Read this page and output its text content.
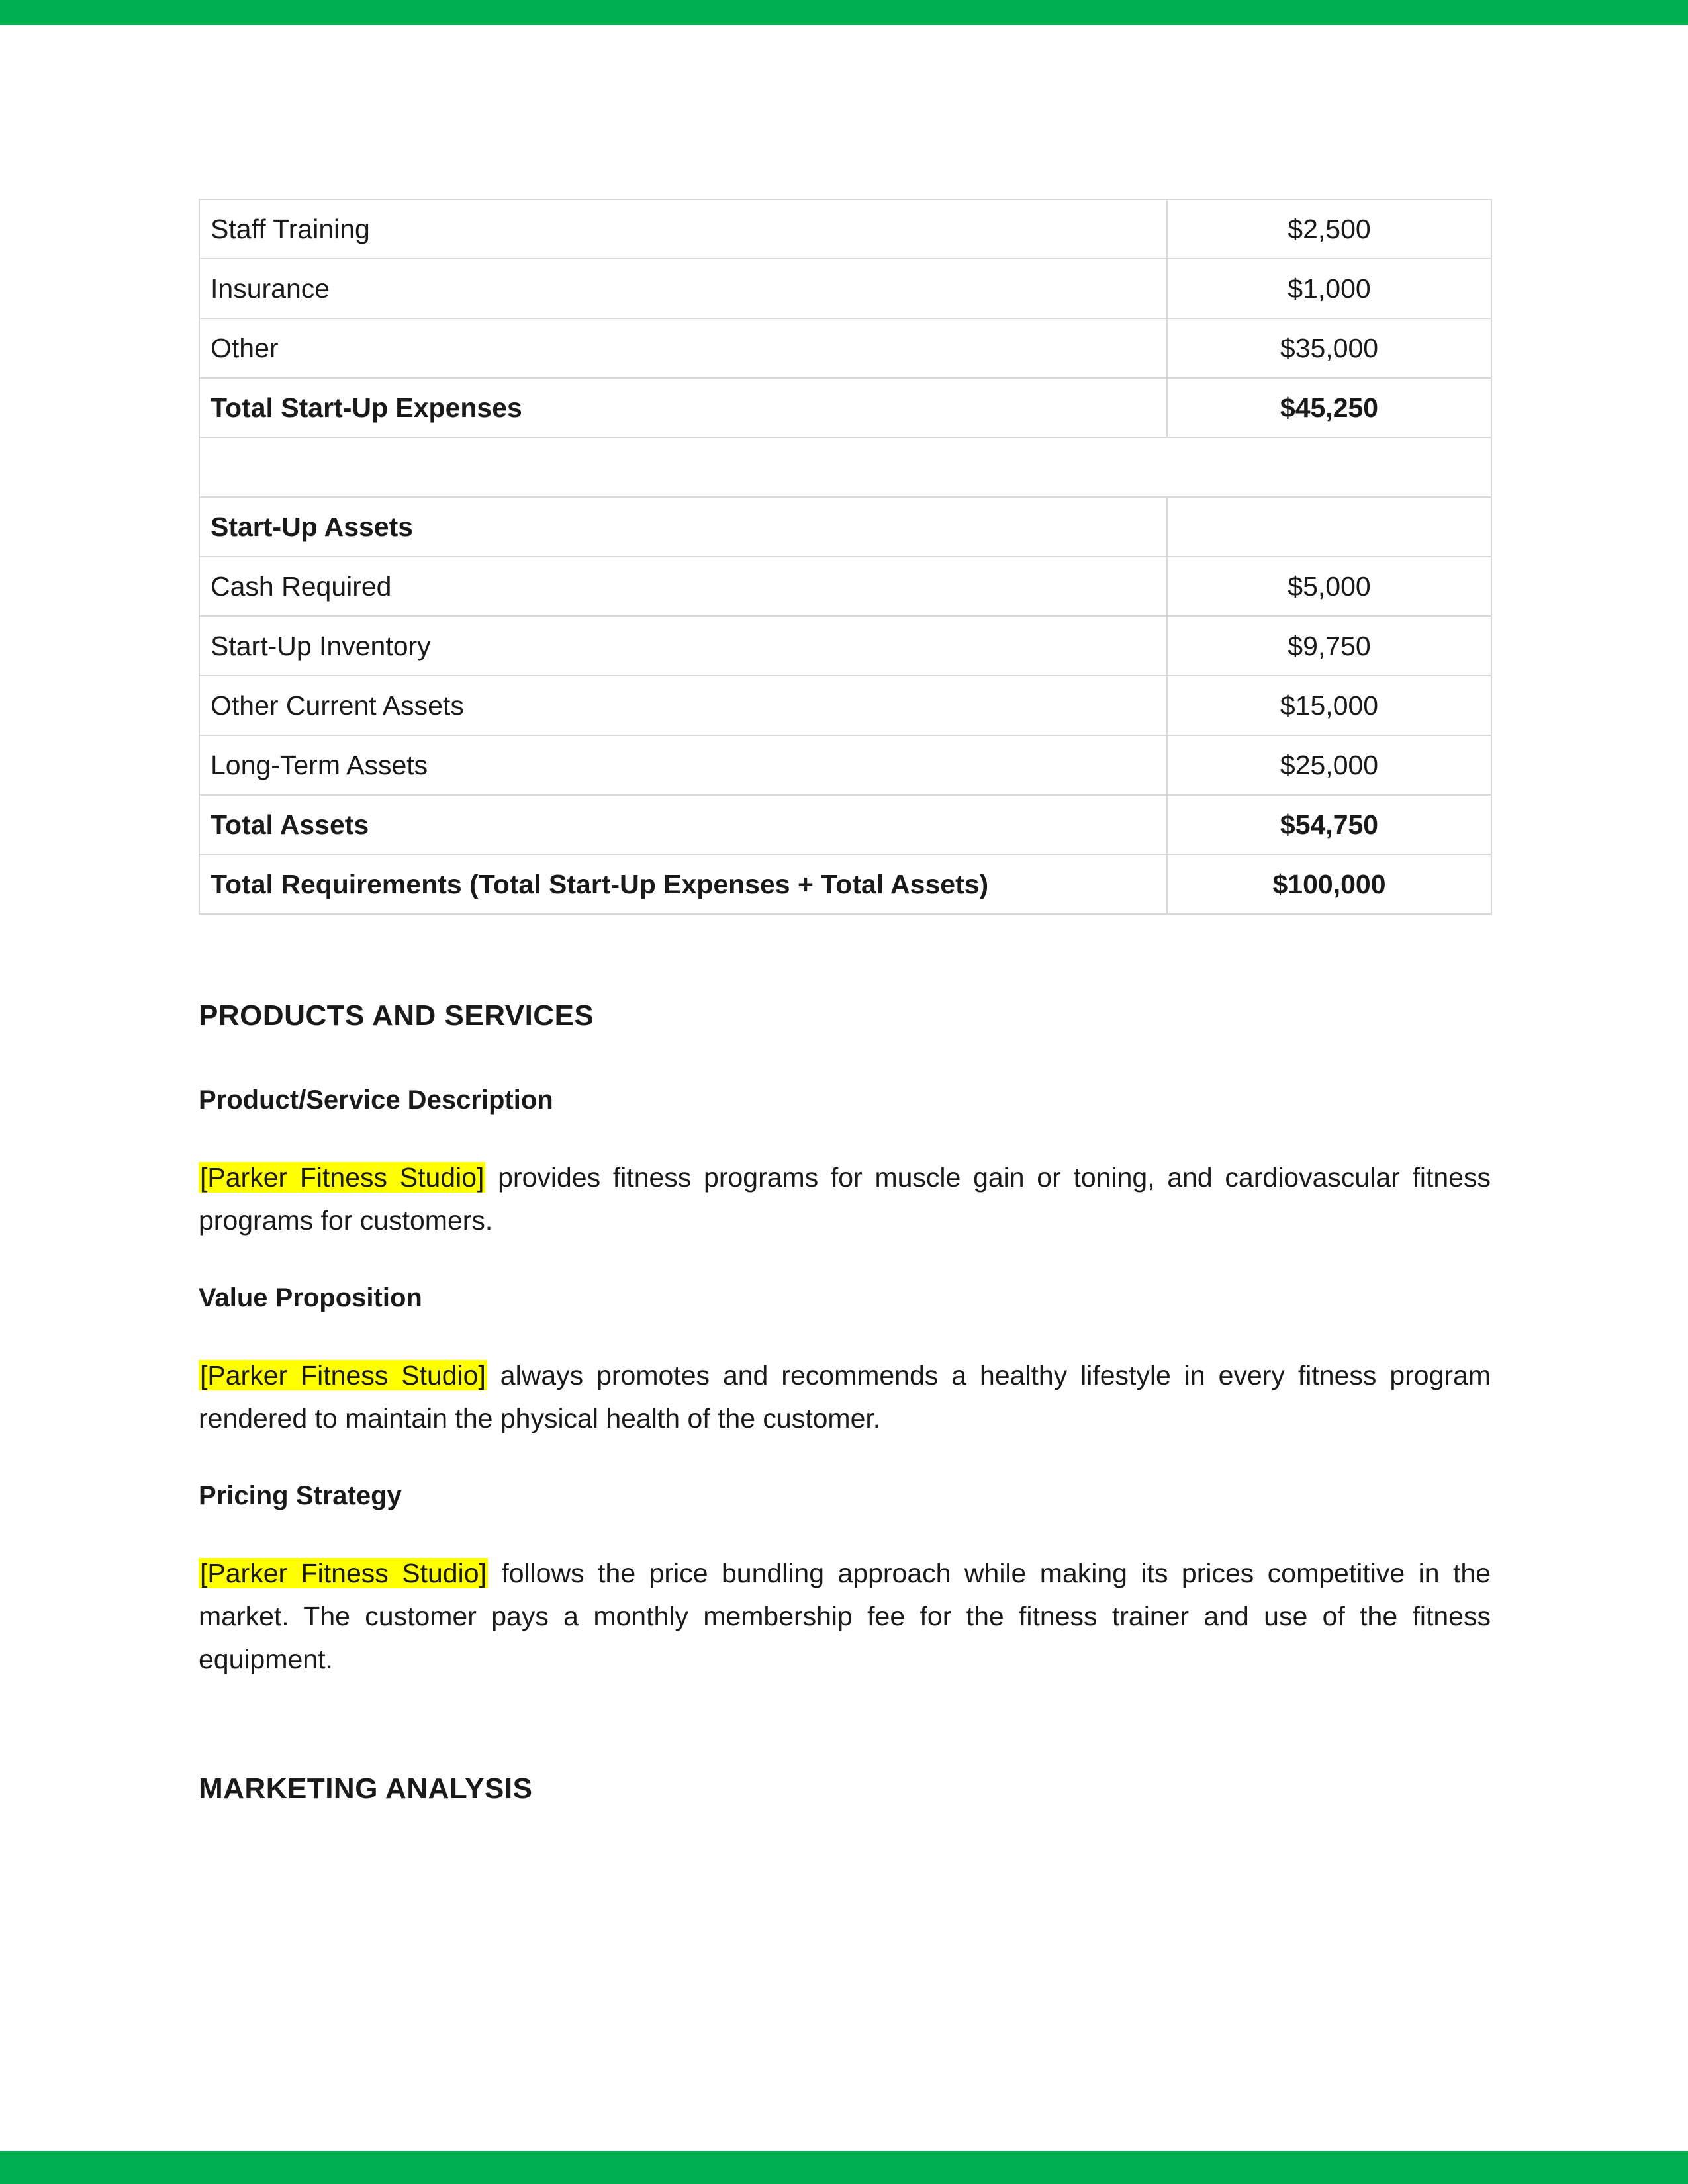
Staff Training	$2,500
Insurance	$1,000
Other	$35,000
Total Start-Up Expenses	$45,250

Start-Up Assets	
Cash Required	$5,000
Start-Up Inventory	$9,750
Other Current Assets	$15,000
Long-Term Assets	$25,000
Total Assets	$54,750
Total Requirements (Total Start-Up Expenses + Total Assets)	$100,000
PRODUCTS AND SERVICES
Product/Service Description

[Parker Fitness Studio] provides fitness programs for muscle gain or toning, and cardiovascular fitness programs for customers.

Value Proposition

[Parker Fitness Studio] always promotes and recommends a healthy lifestyle in every fitness program rendered to maintain the physical health of the customer.

Pricing Strategy

[Parker Fitness Studio] follows the price bundling approach while making its prices competitive in the market. The customer pays a monthly membership fee for the fitness trainer and use of the fitness equipment.

MARKETING ANALYSIS
